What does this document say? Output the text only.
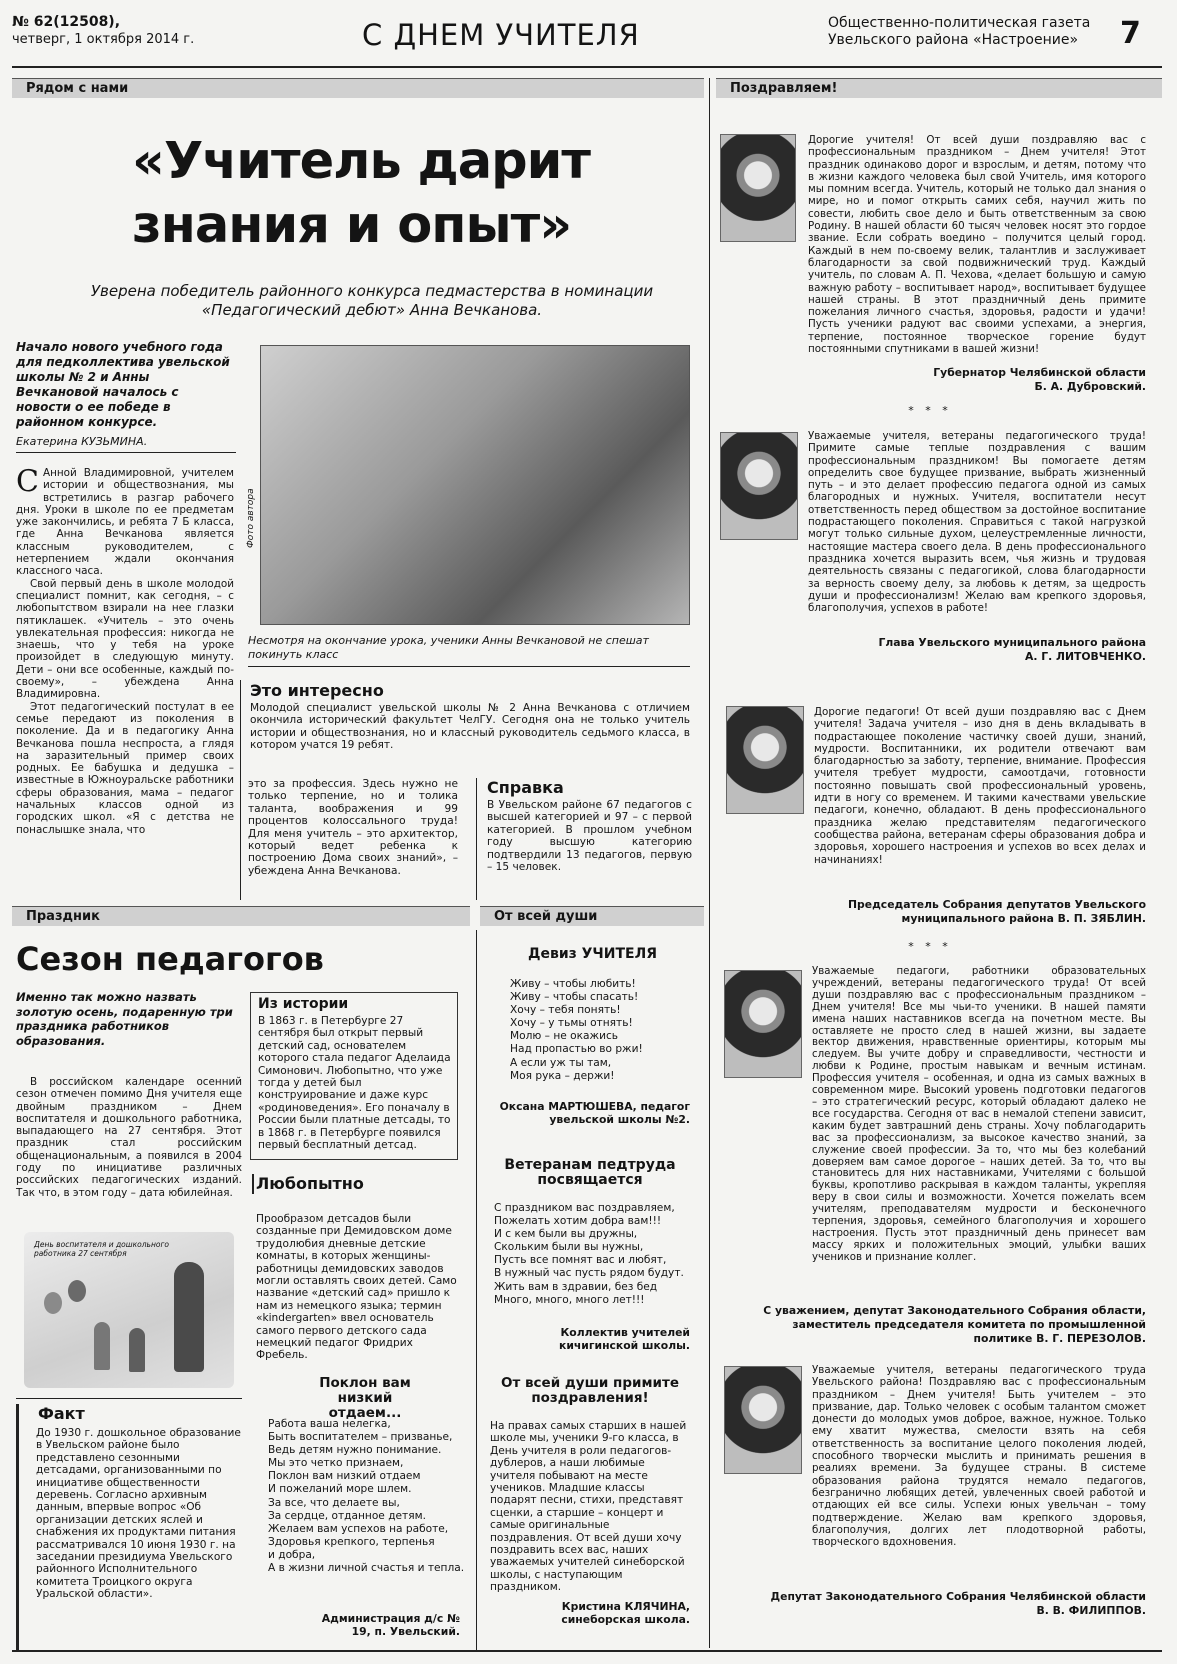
№ 62(12508),
четверг, 1 октября 2014 г.	С ДНЕМ УЧИТЕЛЯ	Общественно-политическая газета
Увельского района «Настроение» 7
Рядом с нами	Поздравляем!
«Учитель дарит
знания и опыт»
Уверена победитель районного конкурса педмастерства в номинации «Педагогический дебют» Анна Вечканова.
Начало нового учебного года для педколлектива увельской школы № 2 и Анны Вечкановой началось с новости о ее победе в районном конкурсе.
Екатерина КУЗЬМИНА.
Фото автора
Несмотря на окончание урока, ученики Анны Вечкановой не спешат покинуть класс

С Анной Владимировной, учителем истории и обществознания, мы встретились в разгар рабочего дня. Уроки в школе по ее предметам уже закончились, и ребята 7 Б класса, где Анна Вечканова является классным руководителем, с нетерпением ждали окончания классного часа.

Свой первый день в школе молодой специалист помнит, как сегодня, – с любопытством взирали на нее глазки пятиклашек. «Учитель – это очень увлекательная профессия: никогда не знаешь, что у тебя на уроке произойдет в следующую минуту. Дети – они все особенные, каждый по-своему», – убеждена Анна Владимировна.

Этот педагогический постулат в ее семье передают из поколения в поколение. Да и в педагогику Анна Вечканова пошла неспроста, а глядя на заразительный пример своих родных. Ее бабушка и дедушка – известные в Южноуральске работники сферы образования, мама – педагог начальных классов одной из городских школ. «Я с детства не понаслышке знала, что

Это интересно

Молодой специалист увельской школы № 2 Анна Вечканова с отличием окончила исторический факультет ЧелГУ. Сегодня она не только учитель истории и обществознания, но и классный руководитель седьмого класса, в котором учатся 19 ребят.

это за профессия. Здесь нужно не только терпение, но и толика таланта, воображения и 99 процентов колоссального труда! Для меня учитель – это архитектор, который ведет ребенка к построению Дома своих знаний», – убеждена Анна Вечканова.

Справка

В Увельском районе 67 педагогов с высшей категорией и 97 – с первой категорией. В прошлом учебном году высшую категорию подтвердили 13 педагогов, первую – 15 человек.

Праздник	От всей души
Сезон педагогов
Именно так можно назвать золотую осень, подаренную три праздника работников образования.

В российском календаре осенний сезон отмечен помимо Дня учителя еще двойным праздником – Днем воспитателя и дошкольного работника, выпадающего на 27 сентября. Этот праздник стал российским общенациональным, а появился в 2004 году по инициативе различных российских педагогических изданий. Так что, в этом году – дата юбилейная.

День воспитателя и дошкольного работника 27 сентября
Факт

До 1930 г. дошкольное образование в Увельском районе было представлено сезонными детсадами, организованными по инициативе общественности деревень. Согласно архивным данным, впервые вопрос «Об организации детских яслей и снабжения их продуктами питания рассматривался 10 июня 1930 г. на заседании президиума Увельского районного Исполнительного комитета Троицкого округа Уральской области».

Из истории

В 1863 г. в Петербурге 27 сентября был открыт первый детский сад, основателем которого стала педагог Аделаида Симонович. Любопытно, что уже тогда у детей был конструирование и даже курс «родиноведения». Его поначалу в России были платные детсады, то в 1868 г. в Петербурге появился первый бесплатный детсад.

Любопытно

Прообразом детсадов были созданные при Демидовском доме трудолюбия дневные детские комнаты, в которых женщины-работницы демидовских заводов могли оставлять своих детей. Само название «детский сад» пришло к нам из немецкого языка; термин «kindergarten» ввел основатель самого первого детского сада немецкий педагог Фридрих Фребель.

Поклон вам низкий отдаем...
Работа ваша нелегка,
Быть воспитателем – призванье,
Ведь детям нужно понимание.
Мы это четко признаем,
Поклон вам низкий отдаем
И пожеланий море шлем.
За все, что делаете вы,
За сердце, отданное детям.
Желаем вам успехов на работе,
Здоровья крепкого, терпенья
и добра,
А в жизни личной счастья и тепла.
Администрация д/с № 19, п. Увельский.
Девиз УЧИТЕЛЯ
Живу – чтобы любить!
Живу – чтобы спасать!
Хочу – тебя понять!
Хочу – у тьмы отнять!
Молю – не окажись
Над пропастью во ржи!
А если уж ты там,
Моя рука – держи!
Оксана МАРТЮШЕВА, педагог увельской школы №2.
Ветеранам педтруда посвящается
С праздником вас поздравляем,
Пожелать хотим добра вам!!!
И с кем были вы дружны,
Скольким были вы нужны,
Пусть все помнят вас и любят,
В нужный час пусть рядом будут.
Жить вам в здравии, без бед
Много, много, много лет!!!
Коллектив учителей кичигинской школы.
От всей души примите поздравления!

На правах самых старших в нашей школе мы, ученики 9-го класса, в День учителя в роли педагогов-дублеров, а наши любимые учителя побывают на месте учеников. Младшие классы подарят песни, стихи, представят сценки, а старшие – концерт и самые оригинальные поздравления. От всей души хочу поздравить всех вас, наших уважаемых учителей синеборской школы, с наступающим праздником.

Кристина КЛЯЧИНА, синеборская школа.

Дорогие учителя! От всей души поздравляю вас с профессиональным праздником – Днем учителя! Этот праздник одинаково дорог и взрослым, и детям, потому что в жизни каждого человека был свой Учитель, имя которого мы помним всегда. Учитель, который не только дал знания о мире, но и помог открыть самих себя, научил жить по совести, любить свое дело и быть ответственным за свою Родину. В нашей области 60 тысяч человек носят это гордое звание. Если собрать воедино – получится целый город. Каждый в нем по-своему велик, талантлив и заслуживает благодарности за свой подвижнический труд. Каждый учитель, по словам А. П. Чехова, «делает большую и самую важную работу – воспитывает народ», воспитывает будущее нашей страны. В этот праздничный день примите пожелания личного счастья, здоровья, радости и удачи! Пусть ученики радуют вас своими успехами, а энергия, терпение, постоянное творческое горение будут постоянными спутниками в вашей жизни!

Губернатор Челябинской области
Б. А. Дубровский.
* * *

Уважаемые учителя, ветераны педагогического труда! Примите самые теплые поздравления с вашим профессиональным праздником! Вы помогаете детям определить свое будущее призвание, выбрать жизненный путь – и это делает профессию педагога одной из самых благородных и нужных. Учителя, воспитатели несут ответственность перед обществом за достойное воспитание подрастающего поколения. Справиться с такой нагрузкой могут только сильные духом, целеустремленные личности, настоящие мастера своего дела. В день профессионального праздника хочется выразить всем, чья жизнь и трудовая деятельность связаны с педагогикой, слова благодарности за верность своему делу, за любовь к детям, за щедрость души и профессионализм! Желаю вам крепкого здоровья, благополучия, успехов в работе!

Глава Увельского муниципального района
А. Г. ЛИТОВЧЕНКО.

Дорогие педагоги! От всей души поздравляю вас с Днем учителя! Задача учителя – изо дня в день вкладывать в подрастающее поколение частичку своей души, знаний, мудрости. Воспитанники, их родители отвечают вам благодарностью за заботу, терпение, внимание. Профессия учителя требует мудрости, самоотдачи, готовности постоянно повышать свой профессиональный уровень, идти в ногу со временем. И такими качествами увельские педагоги, конечно, обладают. В день профессионального праздника желаю представителям педагогического сообщества района, ветеранам сферы образования добра и здоровья, хорошего настроения и успехов во всех делах и начинаниях!

Председатель Собрания депутатов Увельского
муниципального района В. П. ЗЯБЛИН.
* * *

Уважаемые педагоги, работники образовательных учреждений, ветераны педагогического труда! От всей души поздравляю вас с профессиональным праздником – Днем учителя! Все мы чьи-то ученики. В нашей памяти имена наших наставников всегда на почетном месте. Вы оставляете не просто след в нашей жизни, вы задаете вектор движения, нравственные ориентиры, которым мы следуем. Вы учите добру и справедливости, честности и любви к Родине, простым навыкам и вечным истинам. Профессия учителя – особенная, и одна из самых важных в современном мире. Высокий уровень подготовки педагогов – это стратегический ресурс, который обладают далеко не все государства. Сегодня от вас в немалой степени зависит, каким будет завтрашний день страны. Хочу поблагодарить вас за профессионализм, за высокое качество знаний, за служение своей профессии. За то, что мы без колебаний доверяем вам самое дорогое – наших детей. За то, что вы становитесь для них наставниками, Учителями с большой буквы, кропотливо раскрывая в каждом таланты, укрепляя веру в свои силы и возможности. Хочется пожелать всем учителям, преподавателям мудрости и бесконечного терпения, здоровья, семейного благополучия и хорошего настроения. Пусть этот праздничный день принесет вам массу ярких и положительных эмоций, улыбки ваших учеников и признание коллег.

С уважением, депутат Законодательного Собрания области,
заместитель председателя комитета по промышленной
политике В. Г. ПЕРЕЗОЛОВ.

Уважаемые учителя, ветераны педагогического труда Увельского района! Поздравляю вас с профессиональным праздником – Днем учителя! Быть учителем – это призвание, дар. Только человек с особым талантом сможет донести до молодых умов доброе, важное, нужное. Только ему хватит мужества, смелости взять на себя ответственность за воспитание целого поколения людей, способного творчески мыслить и принимать решения в реалиях времени. За будущее страны. В системе образования района трудятся немало педагогов, безгранично любящих детей, увлеченных своей работой и отдающих ей все силы. Успехи юных увельчан – тому подтверждение. Желаю вам крепкого здоровья, благополучия, долгих лет плодотворной работы, творческого вдохновения.

Депутат Законодательного Собрания Челябинской области
В. В. ФИЛИППОВ.
